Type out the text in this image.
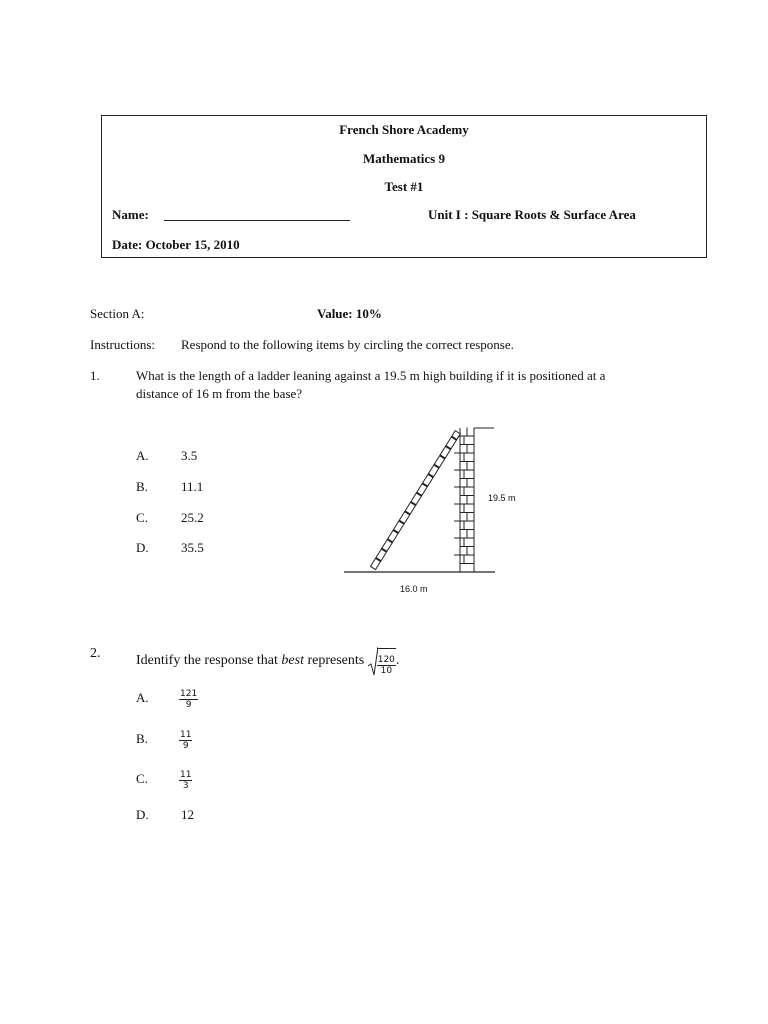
French Shore Academy
Mathematics 9
Test #1
Name:	Unit I : Square Roots & Surface Area
Date: October 15, 2010
Section A:	Value: 10%
Instructions: Respond to the following items by circling the correct response.
1.	What is the length of a ladder leaning against a 19.5 m high building if it is positioned at a
distance of 16 m from the base?
A. 3.5
B.	11.1
C.	25.2
D. 35.5
19.5 m
16.0 m
2.	Identify the response that best represents $\frac{120}{10}$ .
A.	$\frac{121}{9}$
B.	$\frac{11}{9}$
C.	$\frac{11}{3}$
D. 12
